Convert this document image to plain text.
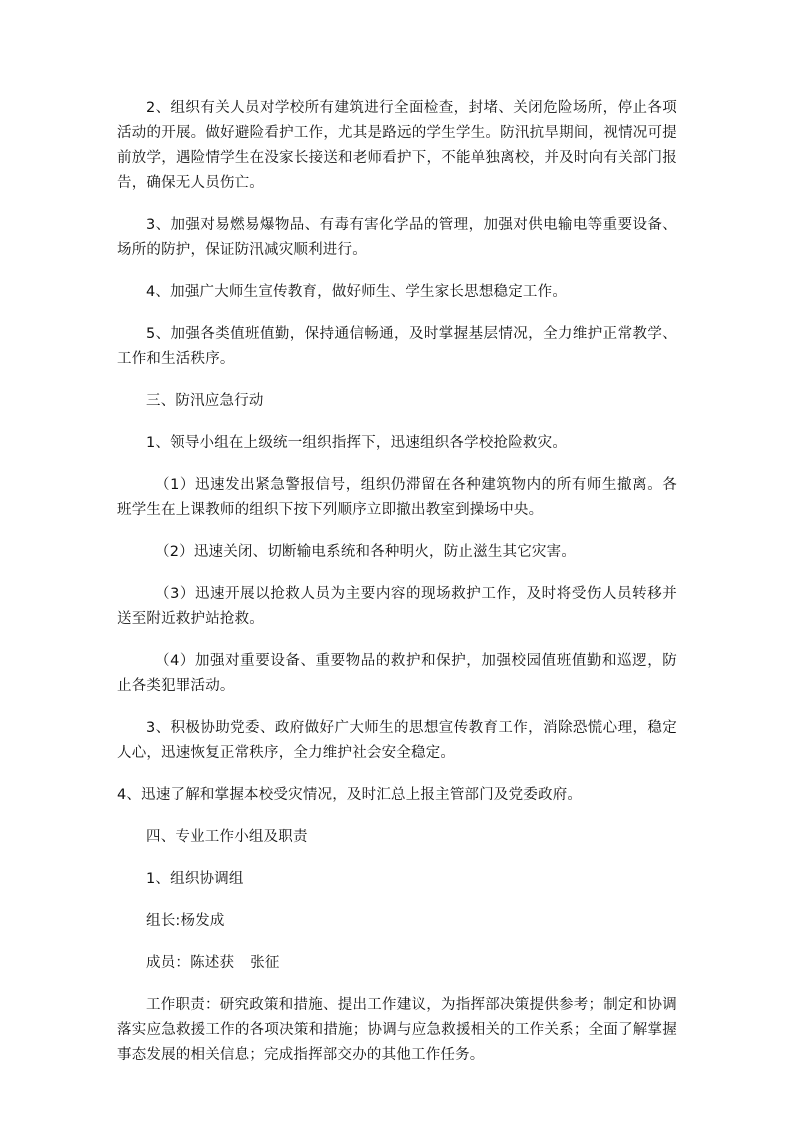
2、组织有关人员对学校所有建筑进行全面检查，封堵、关闭危险场所，停止各项活动的开展。做好避险看护工作，尤其是路远的学生学生。防汛抗旱期间，视情况可提前放学，遇险情学生在没家长接送和老师看护下，不能单独离校，并及时向有关部门报告，确保无人员伤亡。

3、加强对易燃易爆物品、有毒有害化学品的管理，加强对供电输电等重要设备、场所的防护，保证防汛减灾顺利进行。

4、加强广大师生宣传教育，做好师生、学生家长思想稳定工作。

5、加强各类值班值勤，保持通信畅通，及时掌握基层情况，全力维护正常教学、工作和生活秩序。

三、防汛应急行动

1、领导小组在上级统一组织指挥下，迅速组织各学校抢险救灾。

（1）迅速发出紧急警报信号，组织仍滞留在各种建筑物内的所有师生撤离。各班学生在上课教师的组织下按下列顺序立即撤出教室到操场中央。

（2）迅速关闭、切断输电系统和各种明火，防止滋生其它灾害。

（3）迅速开展以抢救人员为主要内容的现场救护工作，及时将受伤人员转移并送至附近救护站抢救。

（4）加强对重要设备、重要物品的救护和保护，加强校园值班值勤和巡逻，防止各类犯罪活动。

3、积极协助党委、政府做好广大师生的思想宣传教育工作，消除恐慌心理，稳定人心，迅速恢复正常秩序，全力维护社会安全稳定。

4、迅速了解和掌握本校受灾情况，及时汇总上报主管部门及党委政府。

四、专业工作小组及职责

1、组织协调组

组长:杨发成

成员：陈述获 张征

工作职责：研究政策和措施、提出工作建议，为指挥部决策提供参考；制定和协调落实应急救援工作的各项决策和措施；协调与应急救援相关的工作关系；全面了解掌握事态发展的相关信息；完成指挥部交办的其他工作任务。
